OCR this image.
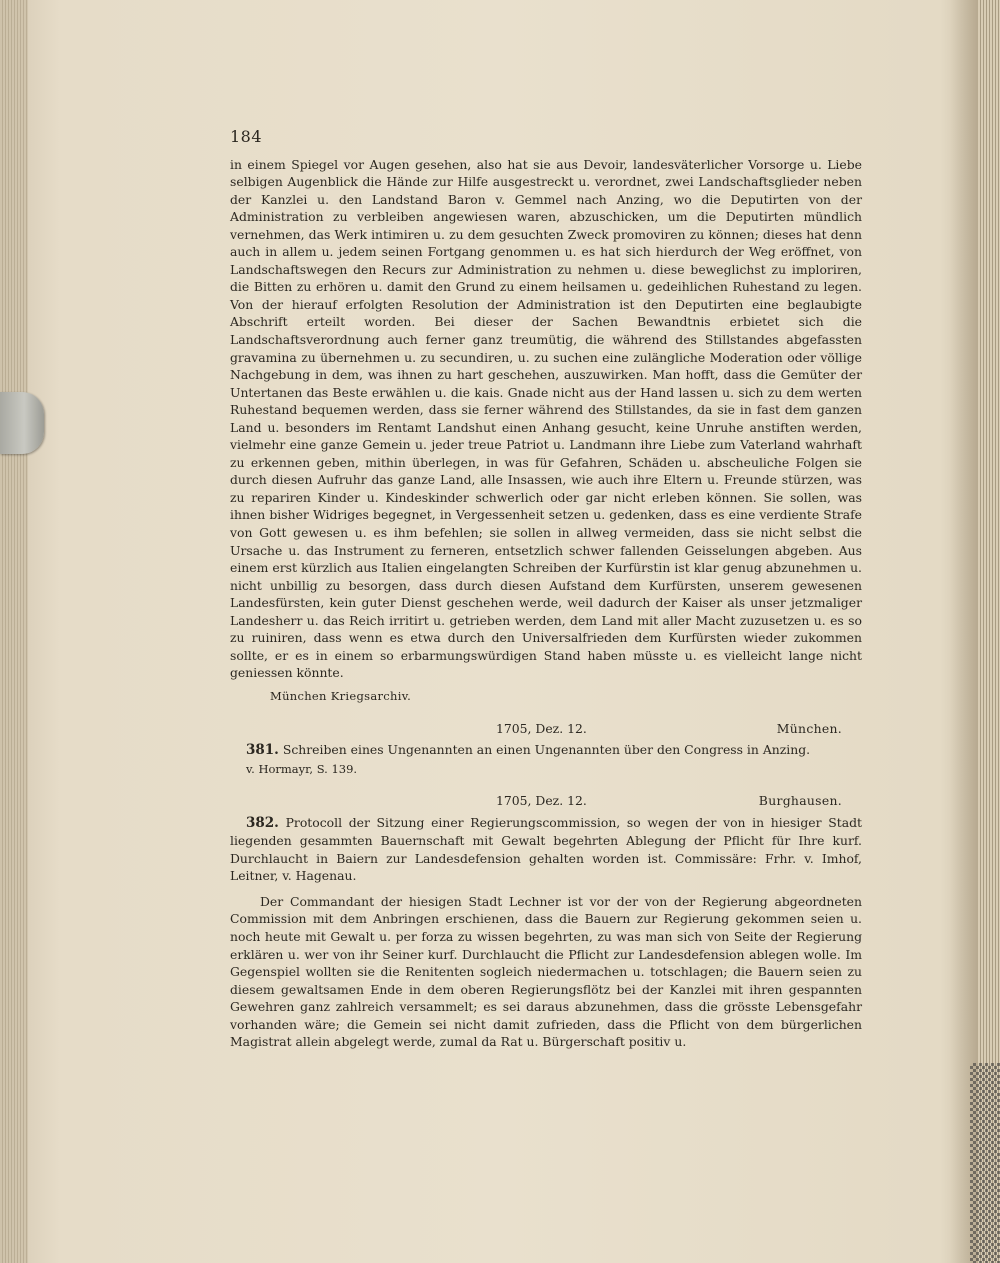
184

in einem Spiegel vor Augen gesehen, also hat sie aus Devoir, landesväterlicher Vorsorge u. Liebe selbigen Augenblick die Hände zur Hilfe ausgestreckt u. verordnet, zwei Landschaftsglieder neben der Kanzlei u. den Landstand Baron v. Gemmel nach Anzing, wo die Deputirten von der Administration zu verbleiben angewiesen waren, abzuschicken, um die Deputirten mündlich vernehmen, das Werk intimiren u. zu dem gesuchten Zweck promoviren zu können; dieses hat denn auch in allem u. jedem seinen Fortgang genommen u. es hat sich hierdurch der Weg eröffnet, von Landschaftswegen den Recurs zur Administration zu nehmen u. diese beweglichst zu imploriren, die Bitten zu erhören u. damit den Grund zu einem heilsamen u. gedeihlichen Ruhestand zu legen. Von der hierauf erfolgten Resolution der Administration ist den Deputirten eine beglaubigte Abschrift erteilt worden. Bei dieser der Sachen Bewandtnis erbietet sich die Landschaftsverordnung auch ferner ganz treumütig, die während des Stillstandes abgefassten gravamina zu übernehmen u. zu secundiren, u. zu suchen eine zulängliche Moderation oder völlige Nachgebung in dem, was ihnen zu hart geschehen, auszuwirken. Man hofft, dass die Gemüter der Untertanen das Beste erwählen u. die kais. Gnade nicht aus der Hand lassen u. sich zu dem werten Ruhestand bequemen werden, dass sie ferner während des Stillstandes, da sie in fast dem ganzen Land u. besonders im Rentamt Landshut einen Anhang gesucht, keine Unruhe anstiften werden, vielmehr eine ganze Gemein u. jeder treue Patriot u. Landmann ihre Liebe zum Vaterland wahrhaft zu erkennen geben, mithin überlegen, in was für Gefahren, Schäden u. abscheuliche Folgen sie durch diesen Aufruhr das ganze Land, alle Insassen, wie auch ihre Eltern u. Freunde stürzen, was zu repariren Kinder u. Kindeskinder schwerlich oder gar nicht erleben können. Sie sollen, was ihnen bisher Widriges begegnet, in Vergessenheit setzen u. gedenken, dass es eine verdiente Strafe von Gott gewesen u. es ihm befehlen; sie sollen in allweg vermeiden, dass sie nicht selbst die Ursache u. das Instrument zu ferneren, entsetzlich schwer fallenden Geisselungen abgeben. Aus einem erst kürzlich aus Italien eingelangten Schreiben der Kurfürstin ist klar genug abzunehmen u. nicht unbillig zu besorgen, dass durch diesen Aufstand dem Kurfürsten, unserem gewesenen Landesfürsten, kein guter Dienst geschehen werde, weil dadurch der Kaiser als unser jetzmaliger Landesherr u. das Reich irritirt u. getrieben werden, dem Land mit aller Macht zuzusetzen u. es so zu ruiniren, dass wenn es etwa durch den Universalfrieden dem Kurfürsten wieder zukommen sollte, er es in einem so erbarmungswürdigen Stand haben müsste u. es vielleicht lange nicht geniessen könnte.

München Kriegsarchiv.
1705, Dez. 12.	München.

381. Schreiben eines Ungenannten an einen Ungenannten über den Congress in Anzing.

v. Hormayr, S. 139.
1705, Dez. 12.	Burghausen.

382. Protocoll der Sitzung einer Regierungscommission, so wegen der von in hiesiger Stadt liegenden gesammten Bauernschaft mit Gewalt begehrten Ablegung der Pflicht für Ihre kurf. Durchlaucht in Baiern zur Landesdefension gehalten worden ist. Commissäre: Frhr. v. Imhof, Leitner, v. Hagenau.

Der Commandant der hiesigen Stadt Lechner ist vor der von der Regierung abgeordneten Commission mit dem Anbringen erschienen, dass die Bauern zur Regierung gekommen seien u. noch heute mit Gewalt u. per forza zu wissen begehrten, zu was man sich von Seite der Regierung erklären u. wer von ihr Seiner kurf. Durchlaucht die Pflicht zur Landesdefension ablegen wolle. Im Gegenspiel wollten sie die Renitenten sogleich niedermachen u. totschlagen; die Bauern seien zu diesem gewaltsamen Ende in dem oberen Regierungsflötz bei der Kanzlei mit ihren gespannten Gewehren ganz zahlreich versammelt; es sei daraus abzunehmen, dass die grösste Lebensgefahr vorhanden wäre; die Gemein sei nicht damit zufrieden, dass die Pflicht von dem bürgerlichen Magistrat allein abgelegt werde, zumal da Rat u. Bürgerschaft positiv u.
